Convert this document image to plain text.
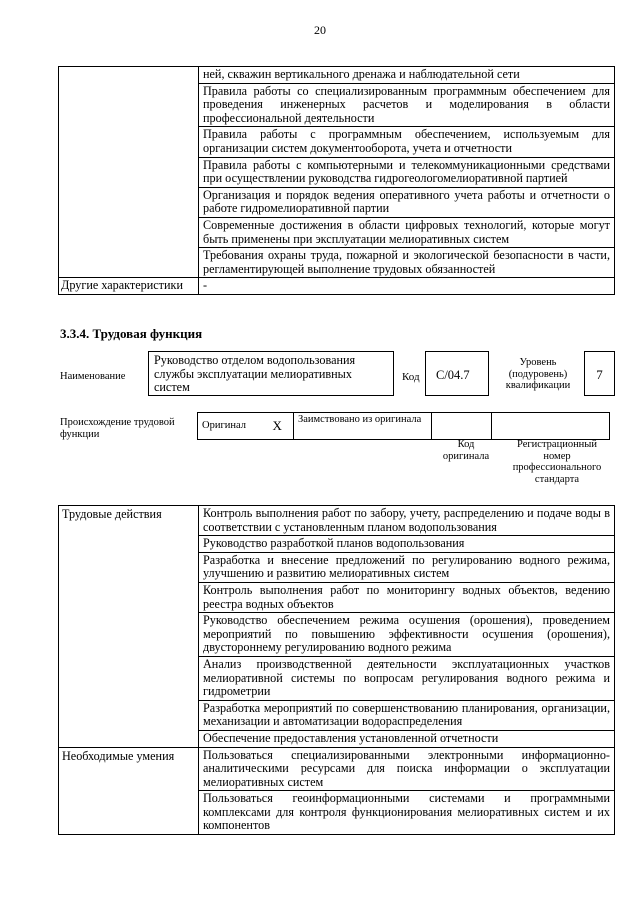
20
	ней, скважин вертикального дренажа и наблюдательной сети
	Правила работы со специализированным программным обеспечением для проведения инженерных расчетов и моделирования в области профессиональной деятельности
	Правила работы с программным обеспечением, используемым для организации систем документооборота, учета и отчетности
	Правила работы с компьютерными и телекоммуникационными средствами при осуществлении руководства гидрогеологомелиоративной партией
	Организация и порядок ведения оперативного учета работы и отчетности о работе гидромелиоративной партии
	Современные достижения в области цифровых технологий, которые могут быть применены при эксплуатации мелиоративных систем
	Требования охраны труда, пожарной и экологической безопасности в части, регламентирующей выполнение трудовых обязанностей
Другие характеристики	-
3.3.4. Трудовая функция
Наименование
Руководство отделом водопользования службы эксплуатации мелиоративных систем
Код	C/04.7
Уровень (подуровень) квалификации
7
Происхождение трудовой функции
Оригинал	X	Заимствовано из оригинала		
Код оригинала
Регистрационный номер профессионального стандарта
Трудовые действия	Контроль выполнения работ по забору, учету, распределению и подаче воды в соответствии с установленным планом водопользования
	Руководство разработкой планов водопользования
	Разработка и внесение предложений по регулированию водного режима, улучшению и развитию мелиоративных систем
	Контроль выполнения работ по мониторингу водных объектов, ведению реестра водных объектов
	Руководство обеспечением режима осушения (орошения), проведением мероприятий по повышению эффективности осушения (орошения), двустороннему регулированию водного режима
	Анализ производственной деятельности эксплуатационных участков мелиоративной системы по вопросам регулирования водного режима и гидрометрии
	Разработка мероприятий по совершенствованию планирования, организации, механизации и автоматизации водораспределения
	Обеспечение предоставления установленной отчетности
Необходимые умения	Пользоваться специализированными электронными информационно-аналитическими ресурсами для поиска информации о эксплуатации мелиоративных систем
	Пользоваться геоинформационными системами и программными комплексами для контроля функционирования мелиоративных систем и их компонентов
